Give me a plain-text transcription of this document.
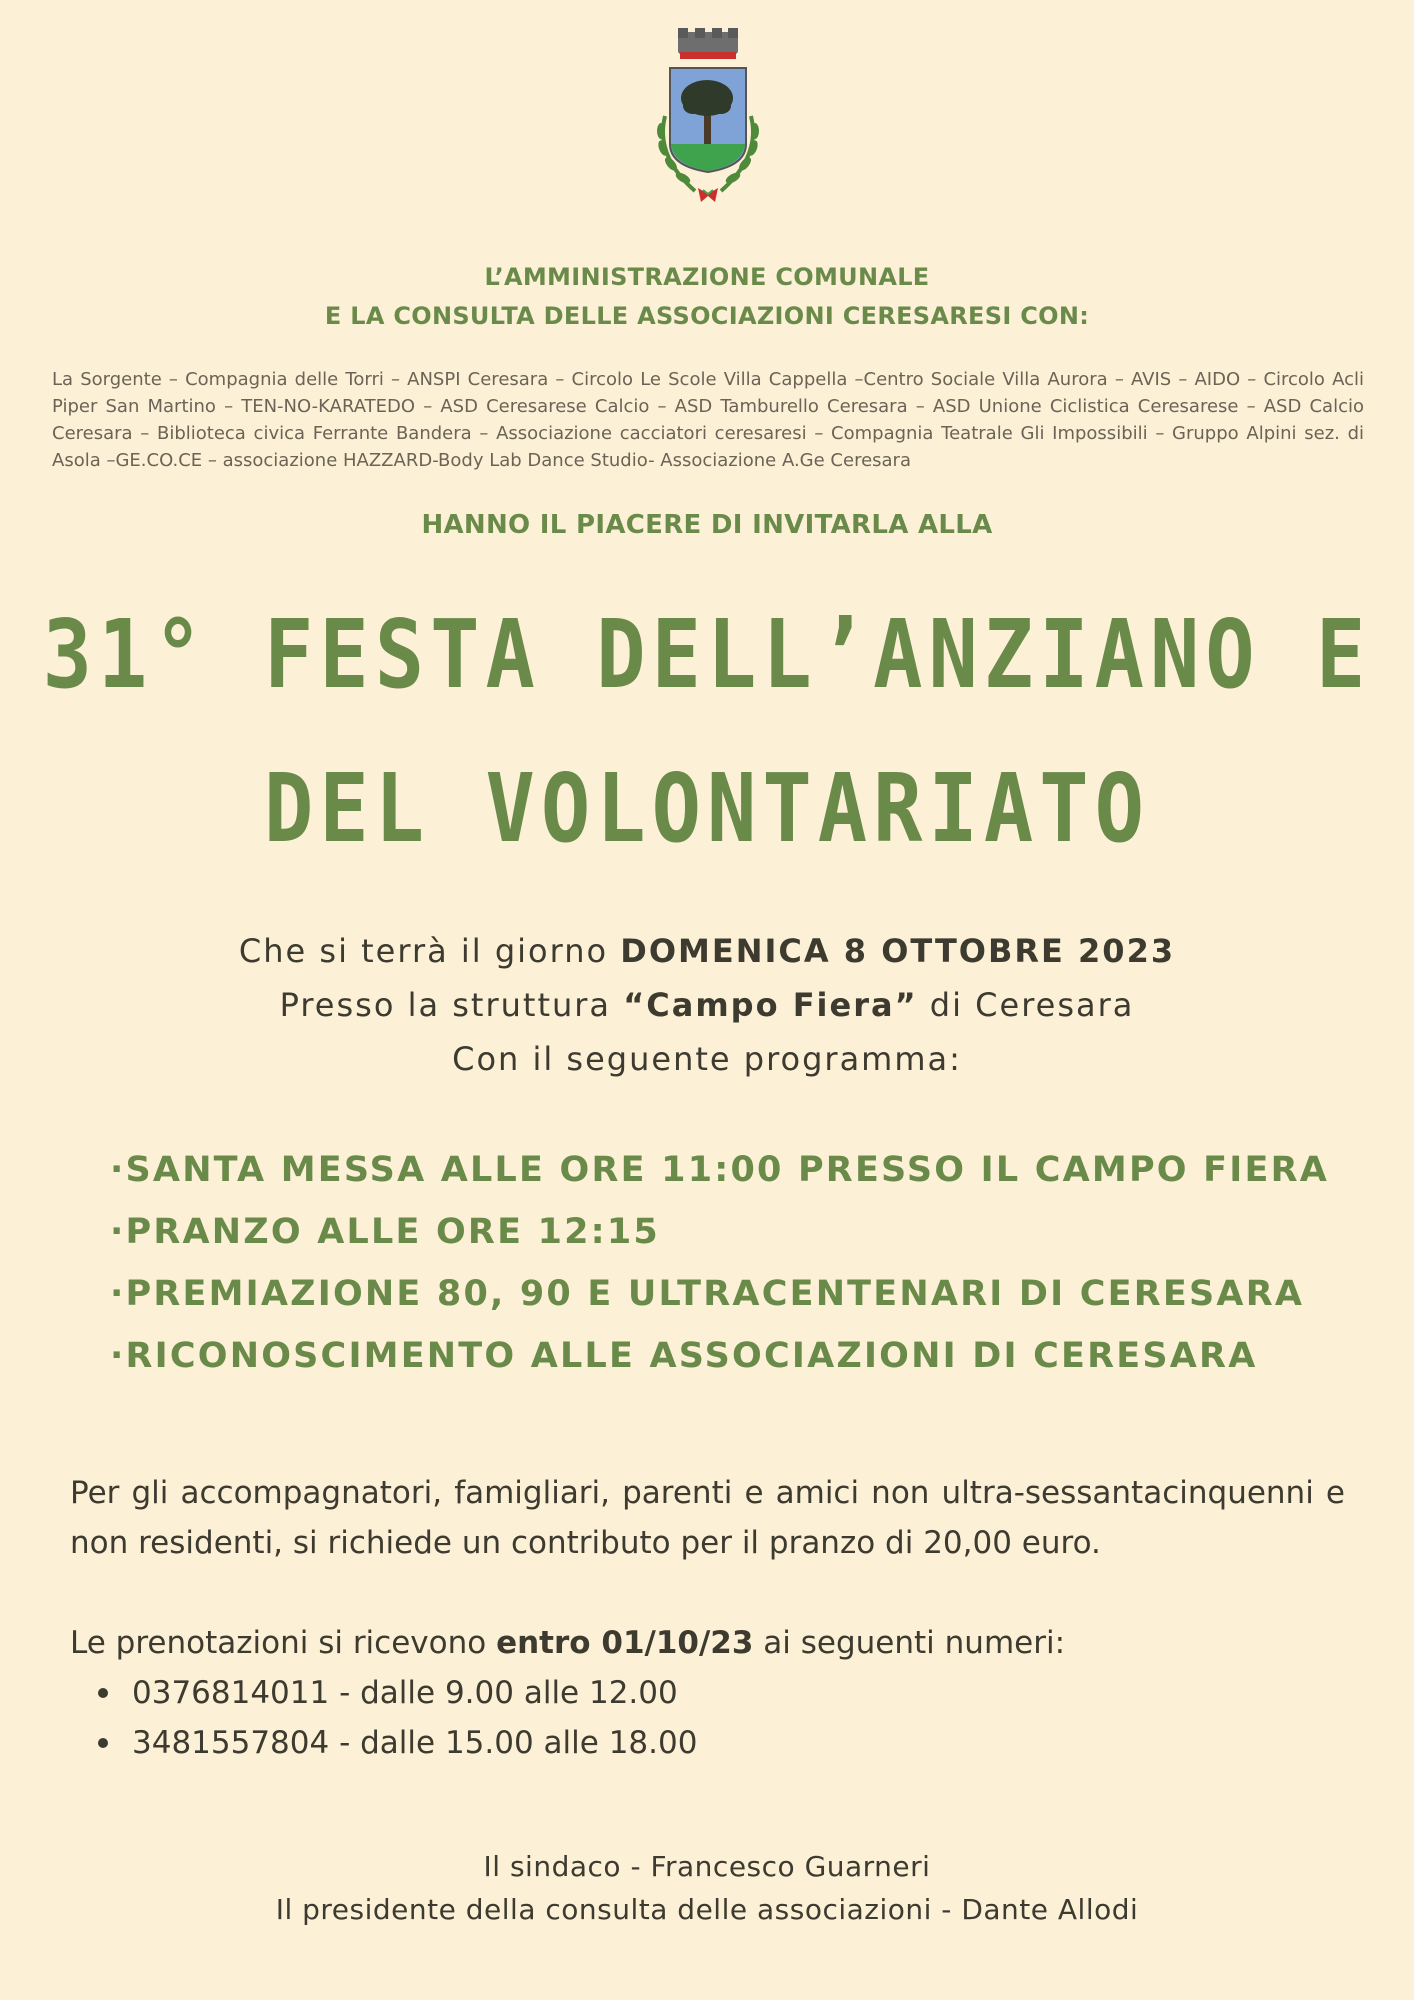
L’AMMINISTRAZIONE COMUNALE
E LA CONSULTA DELLE ASSOCIAZIONI CERESARESI CON:
La Sorgente – Compagnia delle Torri – ANSPI Ceresara – Circolo Le Scole Villa Cappella –Centro Sociale Villa Aurora – AVIS – AIDO – Circolo Acli Piper San Martino – TEN-NO-KARATEDO – ASD Ceresarese Calcio – ASD Tamburello Ceresara – ASD Unione Ciclistica Ceresarese – ASD Calcio Ceresara – Biblioteca civica Ferrante Bandera – Associazione cacciatori ceresaresi – Compagnia Teatrale Gli Impossibili – Gruppo Alpini sez. di Asola –GE.CO.CE – associazione HAZZARD-Body Lab Dance Studio- Associazione A.Ge Ceresara
HANNO IL PIACERE DI INVITARLA ALLA
31° FESTA DELL’ANZIANO E
DEL VOLONTARIATO
Che si terrà il giorno DOMENICA 8 OTTOBRE 2023
Presso la struttura “Campo Fiera” di Ceresara
Con il seguente programma:
·SANTA MESSA ALLE ORE 11:00 PRESSO IL CAMPO FIERA
·PRANZO ALLE ORE 12:15
·PREMIAZIONE 80, 90 E ULTRACENTENARI DI CERESARA
·RICONOSCIMENTO ALLE ASSOCIAZIONI DI CERESARA
Per gli accompagnatori, famigliari, parenti e amici non ultra-sessantacinquenni e non residenti, si richiede un contributo per il pranzo di 20,00 euro.
Le prenotazioni si ricevono entro 01/10/23 ai seguenti numeri:
0376814011 - dalle 9.00 alle 12.00
3481557804 - dalle 15.00 alle 18.00
Il sindaco - Francesco Guarneri
Il presidente della consulta delle associazioni - Dante Allodi
